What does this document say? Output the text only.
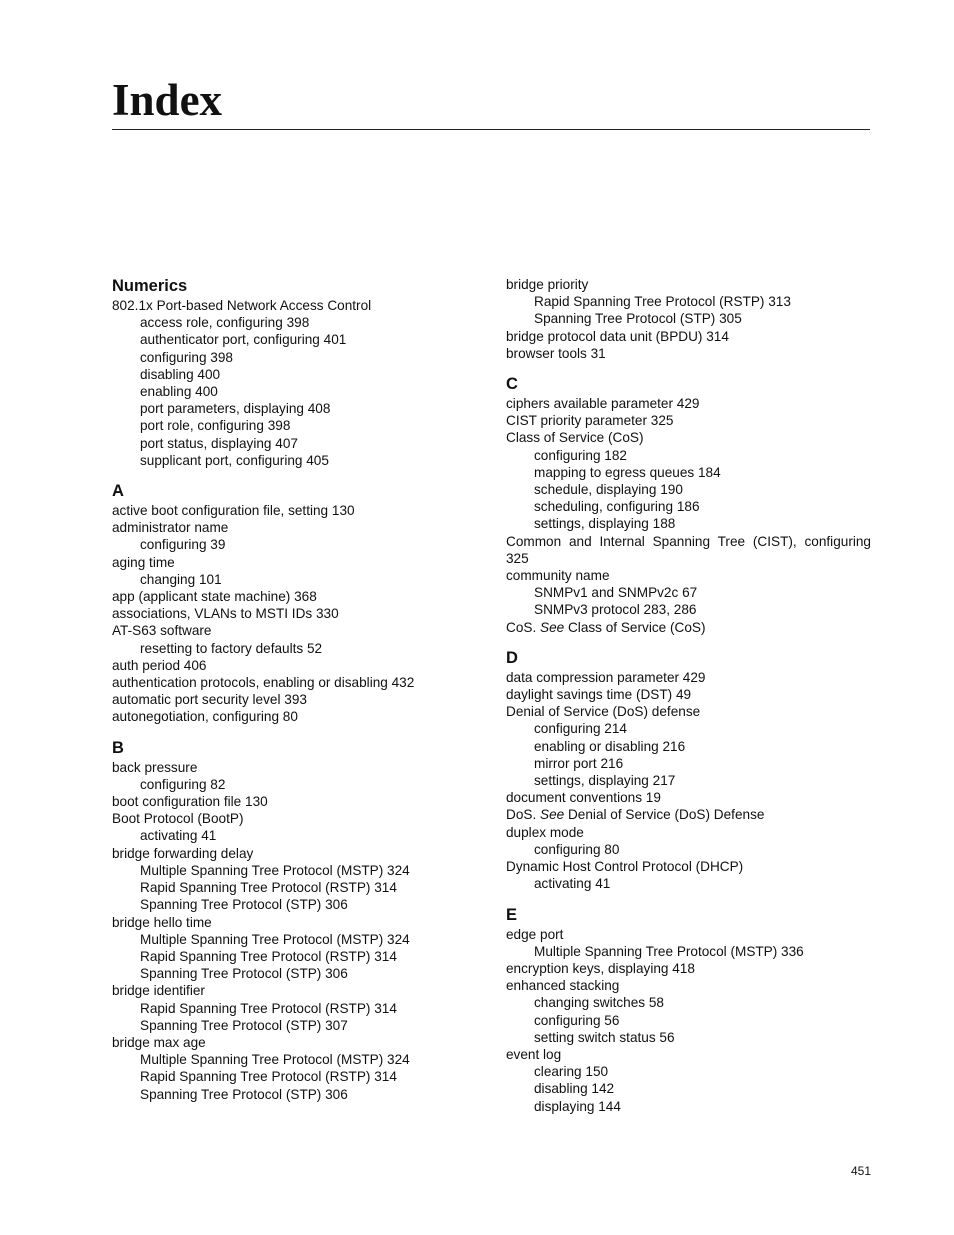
Index
Numerics
802.1x Port-based Network Access Control
access role, configuring 398
authenticator port, configuring 401
configuring 398
disabling 400
enabling 400
port parameters, displaying 408
port role, configuring 398
port status, displaying 407
supplicant port, configuring 405
A
active boot configuration file, setting 130
administrator name
configuring 39
aging time
changing 101
app (applicant state machine) 368
associations, VLANs to MSTI IDs 330
AT-S63 software
resetting to factory defaults 52
auth period 406
authentication protocols, enabling or disabling 432
automatic port security level 393
autonegotiation, configuring 80
B
back pressure
configuring 82
boot configuration file 130
Boot Protocol (BootP)
activating 41
bridge forwarding delay
Multiple Spanning Tree Protocol (MSTP) 324
Rapid Spanning Tree Protocol (RSTP) 314
Spanning Tree Protocol (STP) 306
bridge hello time
Multiple Spanning Tree Protocol (MSTP) 324
Rapid Spanning Tree Protocol (RSTP) 314
Spanning Tree Protocol (STP) 306
bridge identifier
Rapid Spanning Tree Protocol (RSTP) 314
Spanning Tree Protocol (STP) 307
bridge max age
Multiple Spanning Tree Protocol (MSTP) 324
Rapid Spanning Tree Protocol (RSTP) 314
Spanning Tree Protocol (STP) 306
bridge priority
Rapid Spanning Tree Protocol (RSTP) 313
Spanning Tree Protocol (STP) 305
bridge protocol data unit (BPDU) 314
browser tools 31
C
ciphers available parameter 429
CIST priority parameter 325
Class of Service (CoS)
configuring 182
mapping to egress queues 184
schedule, displaying 190
scheduling, configuring 186
settings, displaying 188
Common and Internal Spanning Tree (CIST), configuring 325
community name
SNMPv1 and SNMPv2c 67
SNMPv3 protocol 283, 286
CoS. See Class of Service (CoS)
D
data compression parameter 429
daylight savings time (DST) 49
Denial of Service (DoS) defense
configuring 214
enabling or disabling 216
mirror port 216
settings, displaying 217
document conventions 19
DoS. See Denial of Service (DoS) Defense
duplex mode
configuring 80
Dynamic Host Control Protocol (DHCP)
activating 41
E
edge port
Multiple Spanning Tree Protocol (MSTP) 336
encryption keys, displaying 418
enhanced stacking
changing switches 58
configuring 56
setting switch status 56
event log
clearing 150
disabling 142
displaying 144
451
